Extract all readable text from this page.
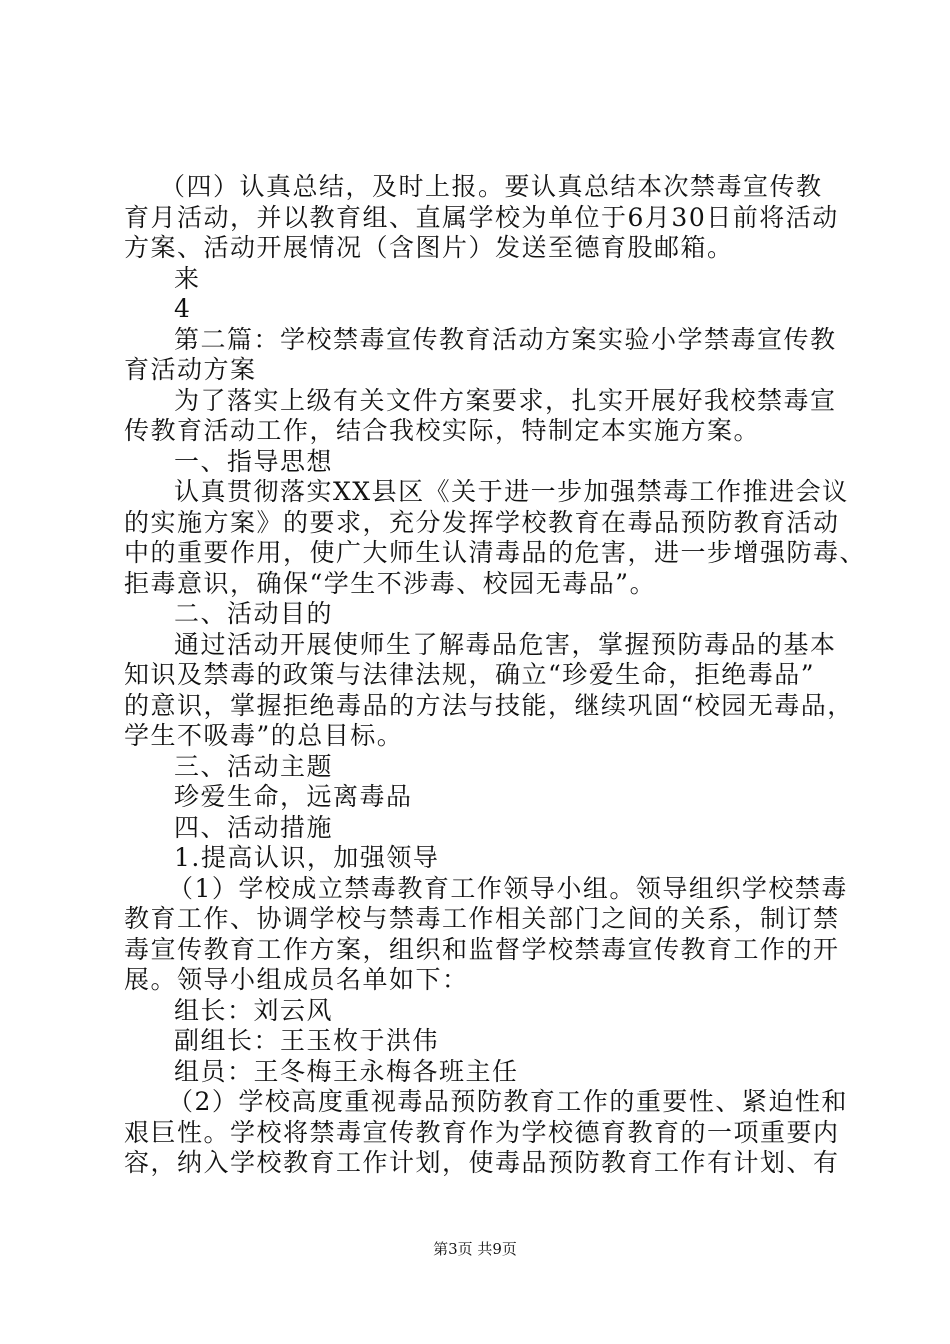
（四）认真总结，及时上报。要认真总结本次禁毒宣传教
育月活动，并以教育组、直属学校为单位于6月30日前将活动
方案、活动开展情况（含图片）发送至德育股邮箱。
来
4
第二篇：学校禁毒宣传教育活动方案实验小学禁毒宣传教
育活动方案
为了落实上级有关文件方案要求，扎实开展好我校禁毒宣
传教育活动工作，结合我校实际，特制定本实施方案。
一、指导思想
认真贯彻落实XX县区《关于进一步加强禁毒工作推进会议
的实施方案》的要求，充分发挥学校教育在毒品预防教育活动
中的重要作用，使广大师生认清毒品的危害，进一步增强防毒、
拒毒意识，确保“学生不涉毒、校园无毒品”。
二、活动目的
通过活动开展使师生了解毒品危害，掌握预防毒品的基本
知识及禁毒的政策与法律法规，确立“珍爱生命，拒绝毒品”
的意识，掌握拒绝毒品的方法与技能，继续巩固“校园无毒品，
学生不吸毒”的总目标。
三、活动主题
珍爱生命，远离毒品
四、活动措施
1.提高认识，加强领导
（1）学校成立禁毒教育工作领导小组。领导组织学校禁毒
教育工作、协调学校与禁毒工作相关部门之间的关系，制订禁
毒宣传教育工作方案，组织和监督学校禁毒宣传教育工作的开
展。领导小组成员名单如下：
组长：刘云风
副组长：王玉枚于洪伟
组员：王冬梅王永梅各班主任
（2）学校高度重视毒品预防教育工作的重要性、紧迫性和
艰巨性。学校将禁毒宣传教育作为学校德育教育的一项重要内
容，纳入学校教育工作计划，使毒品预防教育工作有计划、有
第3页 共9页
